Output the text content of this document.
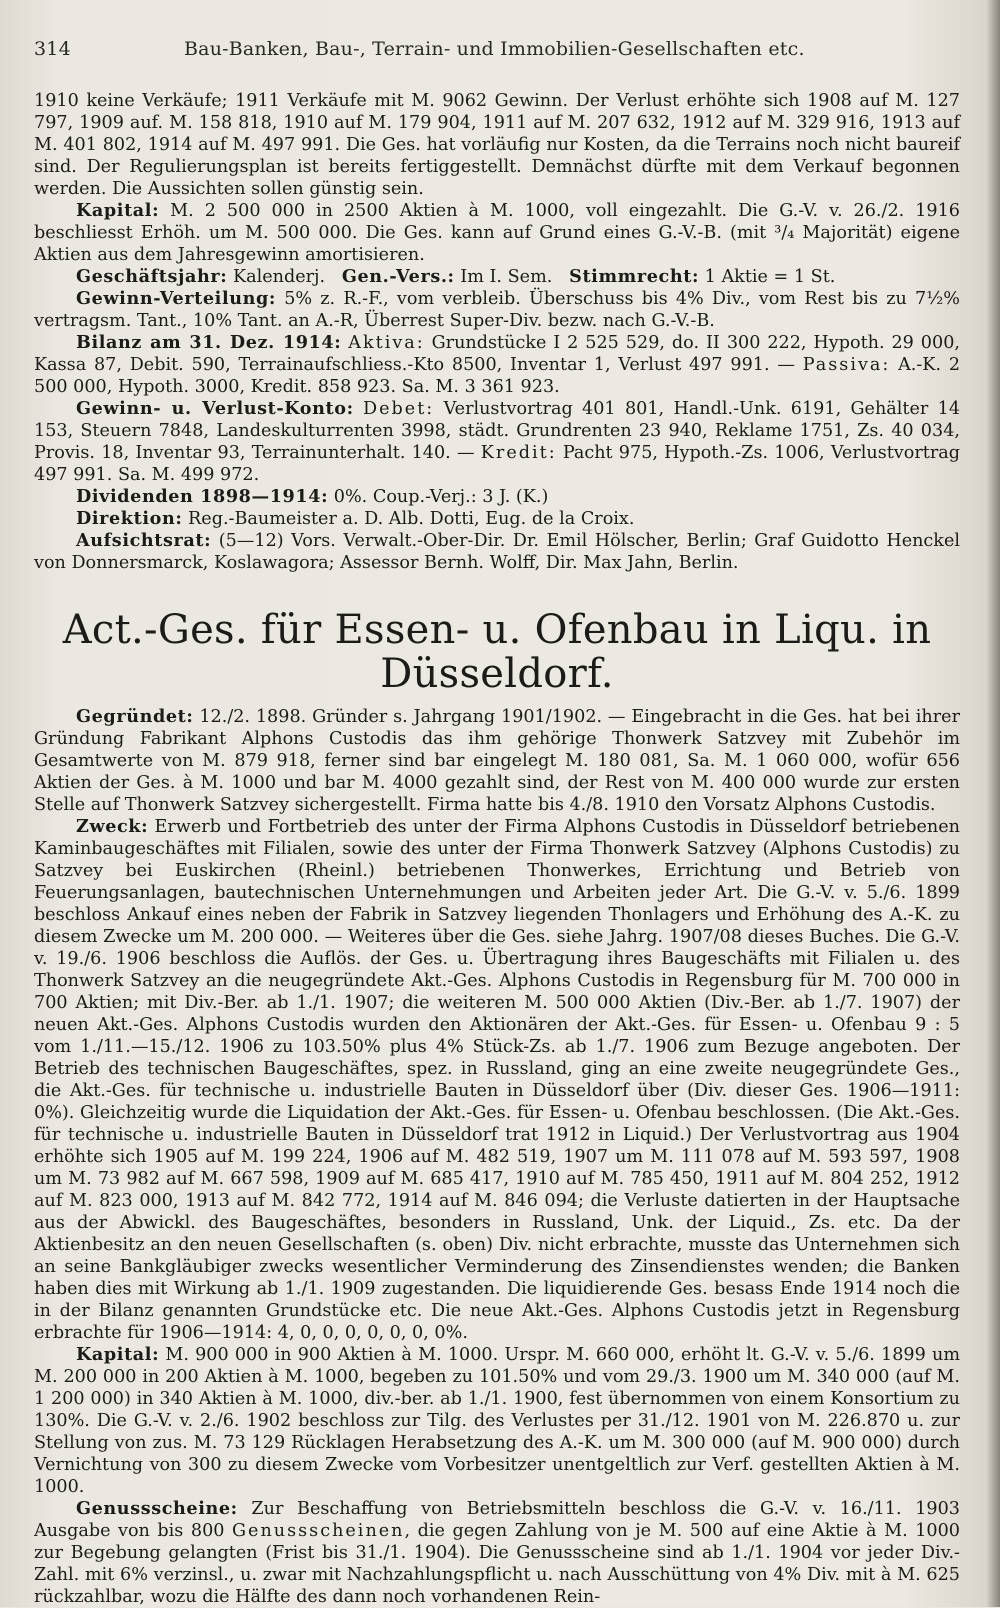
314	Bau-Banken, Bau-, Terrain- und Immobilien-Gesellschaften etc.

1910 keine Verkäufe; 1911 Verkäufe mit M. 9062 Gewinn. Der Verlust erhöhte sich 1908 auf M. 127 797, 1909 auf. M. 158 818, 1910 auf M. 179 904, 1911 auf M. 207 632, 1912 auf M. 329 916, 1913 auf M. 401 802, 1914 auf M. 497 991. Die Ges. hat vorläufig nur Kosten, da die Terrains noch nicht baureif sind. Der Regulierungsplan ist bereits fertiggestellt. Demnächst dürfte mit dem Verkauf begonnen werden. Die Aussichten sollen günstig sein.

Kapital: M. 2 500 000 in 2500 Aktien à M. 1000, voll eingezahlt. Die G.-V. v. 26./2. 1916 beschliesst Erhöh. um M. 500 000. Die Ges. kann auf Grund eines G.-V.-B. (mit ³/₄ Majorität) eigene Aktien aus dem Jahresgewinn amortisieren.

Geschäftsjahr: Kalenderj. Gen.-Vers.: Im I. Sem. Stimmrecht: 1 Aktie = 1 St.

Gewinn-Verteilung: 5% z. R.-F., vom verbleib. Überschuss bis 4% Div., vom Rest bis zu 7½% vertragsm. Tant., 10% Tant. an A.-R, Überrest Super-Div. bezw. nach G.-V.-B.

Bilanz am 31. Dez. 1914: Aktiva: Grundstücke I 2 525 529, do. II 300 222, Hypoth. 29 000, Kassa 87, Debit. 590, Terrainaufschliess.-Kto 8500, Inventar 1, Verlust 497 991. — Passiva: A.-K. 2 500 000, Hypoth. 3000, Kredit. 858 923. Sa. M. 3 361 923.

Gewinn- u. Verlust-Konto: Debet: Verlustvortrag 401 801, Handl.-Unk. 6191, Gehälter 14 153, Steuern 7848, Landeskulturrenten 3998, städt. Grundrenten 23 940, Reklame 1751, Zs. 40 034, Provis. 18, Inventar 93, Terrainunterhalt. 140. — Kredit: Pacht 975, Hypoth.-Zs. 1006, Verlustvortrag 497 991. Sa. M. 499 972.

Dividenden 1898—1914: 0%. Coup.-Verj.: 3 J. (K.)

Direktion: Reg.-Baumeister a. D. Alb. Dotti, Eug. de la Croix.

Aufsichtsrat: (5—12) Vors. Verwalt.-Ober-Dir. Dr. Emil Hölscher, Berlin; Graf Guidotto Henckel von Donnersmarck, Koslawagora; Assessor Bernh. Wolff, Dir. Max Jahn, Berlin.

Act.-Ges. für Essen- u. Ofenbau in Liqu. in Düsseldorf.

Gegründet: 12./2. 1898. Gründer s. Jahrgang 1901/1902. — Eingebracht in die Ges. hat bei ihrer Gründung Fabrikant Alphons Custodis das ihm gehörige Thonwerk Satzvey mit Zubehör im Gesamtwerte von M. 879 918, ferner sind bar eingelegt M. 180 081, Sa. M. 1 060 000, wofür 656 Aktien der Ges. à M. 1000 und bar M. 4000 gezahlt sind, der Rest von M. 400 000 wurde zur ersten Stelle auf Thonwerk Satzvey sichergestellt. Firma hatte bis 4./8. 1910 den Vorsatz Alphons Custodis.

Zweck: Erwerb und Fortbetrieb des unter der Firma Alphons Custodis in Düsseldorf betriebenen Kaminbaugeschäftes mit Filialen, sowie des unter der Firma Thonwerk Satzvey (Alphons Custodis) zu Satzvey bei Euskirchen (Rheinl.) betriebenen Thonwerkes, Errichtung und Betrieb von Feuerungsanlagen, bautechnischen Unternehmungen und Arbeiten jeder Art. Die G.-V. v. 5./6. 1899 beschloss Ankauf eines neben der Fabrik in Satzvey liegenden Thonlagers und Erhöhung des A.-K. zu diesem Zwecke um M. 200 000. — Weiteres über die Ges. siehe Jahrg. 1907/08 dieses Buches. Die G.-V. v. 19./6. 1906 beschloss die Auflös. der Ges. u. Übertragung ihres Baugeschäfts mit Filialen u. des Thonwerk Satzvey an die neugegründete Akt.-Ges. Alphons Custodis in Regensburg für M. 700 000 in 700 Aktien; mit Div.-Ber. ab 1./1. 1907; die weiteren M. 500 000 Aktien (Div.-Ber. ab 1./7. 1907) der neuen Akt.-Ges. Alphons Custodis wurden den Aktionären der Akt.-Ges. für Essen- u. Ofenbau 9 : 5 vom 1./11.—15./12. 1906 zu 103.50% plus 4% Stück-Zs. ab 1./7. 1906 zum Bezuge angeboten. Der Betrieb des technischen Baugeschäftes, spez. in Russland, ging an eine zweite neugegründete Ges., die Akt.-Ges. für technische u. industrielle Bauten in Düsseldorf über (Div. dieser Ges. 1906—1911: 0%). Gleichzeitig wurde die Liquidation der Akt.-Ges. für Essen- u. Ofenbau beschlossen. (Die Akt.-Ges. für technische u. industrielle Bauten in Düsseldorf trat 1912 in Liquid.) Der Verlustvortrag aus 1904 erhöhte sich 1905 auf M. 199 224, 1906 auf M. 482 519, 1907 um M. 111 078 auf M. 593 597, 1908 um M. 73 982 auf M. 667 598, 1909 auf M. 685 417, 1910 auf M. 785 450, 1911 auf M. 804 252, 1912 auf M. 823 000, 1913 auf M. 842 772, 1914 auf M. 846 094; die Verluste datierten in der Hauptsache aus der Abwickl. des Baugeschäftes, besonders in Russland, Unk. der Liquid., Zs. etc. Da der Aktienbesitz an den neuen Gesellschaften (s. oben) Div. nicht erbrachte, musste das Unternehmen sich an seine Bankgläubiger zwecks wesentlicher Verminderung des Zinsendienstes wenden; die Banken haben dies mit Wirkung ab 1./1. 1909 zugestanden. Die liquidierende Ges. besass Ende 1914 noch die in der Bilanz genannten Grundstücke etc. Die neue Akt.-Ges. Alphons Custodis jetzt in Regensburg erbrachte für 1906—1914: 4, 0, 0, 0, 0, 0, 0, 0%.

Kapital: M. 900 000 in 900 Aktien à M. 1000. Urspr. M. 660 000, erhöht lt. G.-V. v. 5./6. 1899 um M. 200 000 in 200 Aktien à M. 1000, begeben zu 101.50% und vom 29./3. 1900 um M. 340 000 (auf M. 1 200 000) in 340 Aktien à M. 1000, div.-ber. ab 1./1. 1900, fest übernommen von einem Konsortium zu 130%. Die G.-V. v. 2./6. 1902 beschloss zur Tilg. des Verlustes per 31./12. 1901 von M. 226.870 u. zur Stellung von zus. M. 73 129 Rücklagen Herabsetzung des A.-K. um M. 300 000 (auf M. 900 000) durch Vernichtung von 300 zu diesem Zwecke vom Vorbesitzer unentgeltlich zur Verf. gestellten Aktien à M. 1000.

Genussscheine: Zur Beschaffung von Betriebsmitteln beschloss die G.-V. v. 16./11. 1903 Ausgabe von bis 800 Genussscheinen, die gegen Zahlung von je M. 500 auf eine Aktie à M. 1000 zur Begebung gelangten (Frist bis 31./1. 1904). Die Genussscheine sind ab 1./1. 1904 vor jeder Div.-Zahl. mit 6% verzinsl., u. zwar mit Nachzahlungspflicht u. nach Ausschüttung von 4% Div. mit à M. 625 rückzahlbar, wozu die Hälfte des dann noch vorhandenen Rein-
